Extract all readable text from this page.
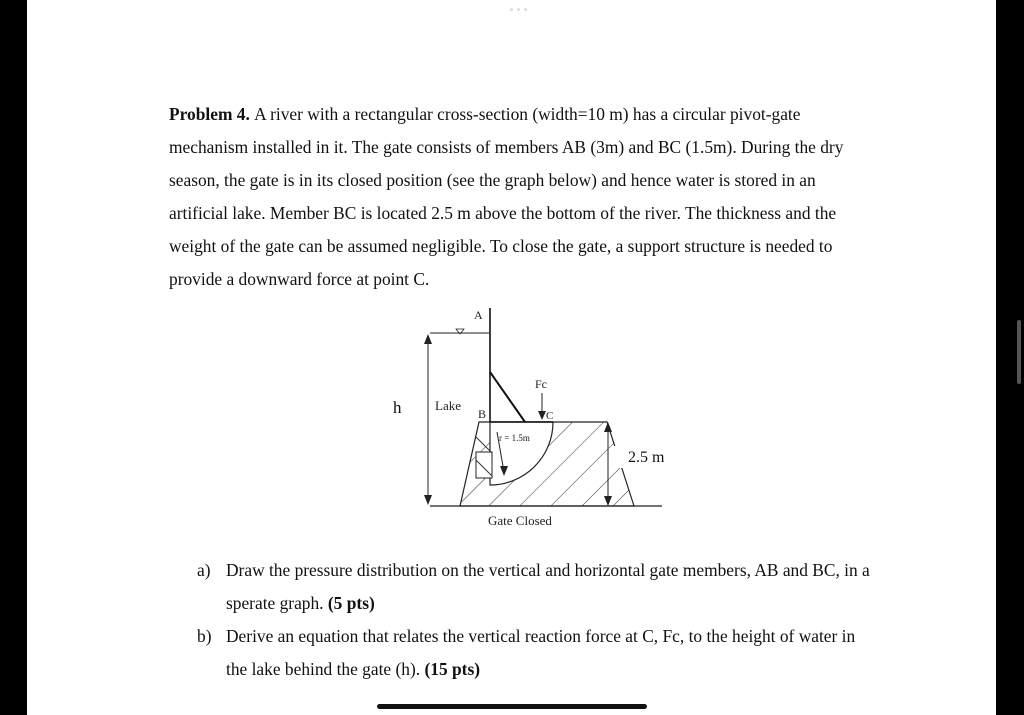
•••
Problem 4. A river with a rectangular cross-section (width=10 m) has a circular pivot-gate mechanism installed in it. The gate consists of members AB (3m) and BC (1.5m). During the dry season, the gate is in its closed position (see the graph below) and hence water is stored in an artificial lake. Member BC is located 2.5 m above the bottom of the river. The thickness and the weight of the gate can be assumed negligible. To close the gate, a support structure is needed to provide a downward force at point C.
r = 1.5m
Fc
A
B	C
h	Lake
2.5 m
Gate Closed
a) Draw the pressure distribution on the vertical and horizontal gate members, AB and BC, in a sperate graph. (5 pts)
b) Derive an equation that relates the vertical reaction force at C, Fc, to the height of water in the lake behind the gate (h). (15 pts)
